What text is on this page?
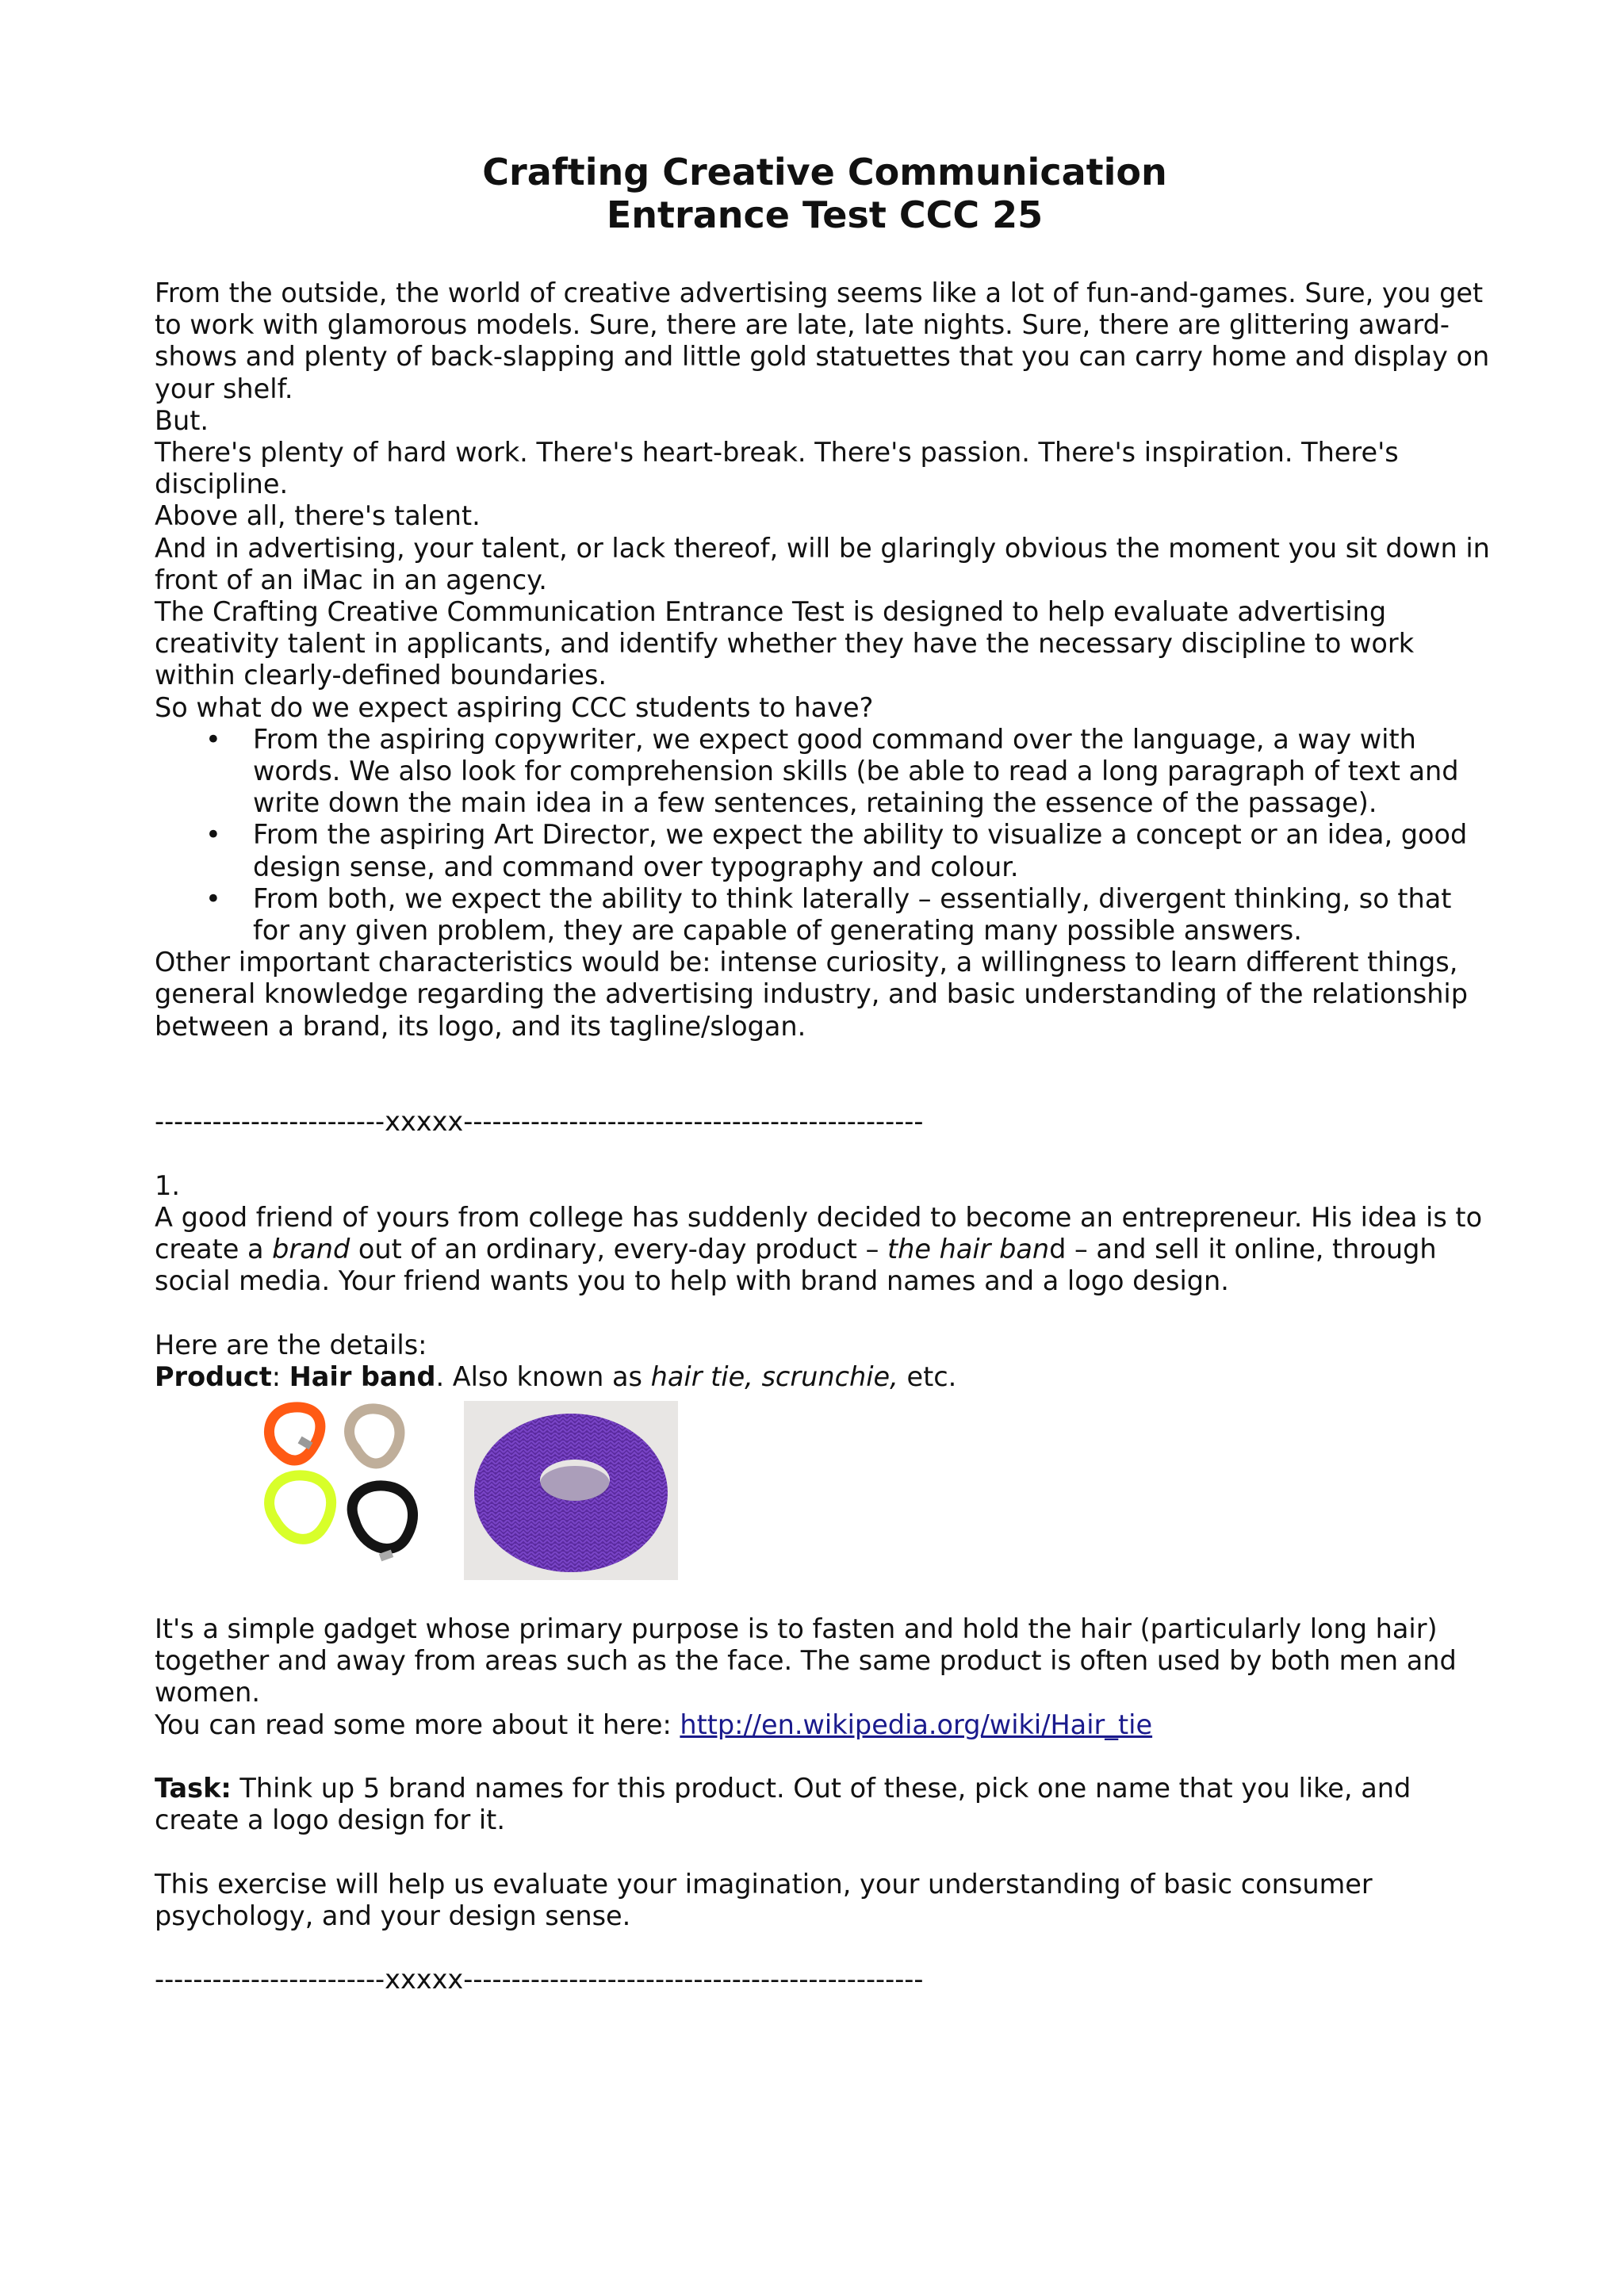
Crafting Creative Communication
Entrance Test CCC 25

From the outside, the world of creative advertising seems like a lot of fun-and-games. Sure, you get to work with glamorous models. Sure, there are late, late nights. Sure, there are glittering award-shows and plenty of back-slapping and little gold statuettes that you can carry home and display on your shelf.

But.

There's plenty of hard work. There's heart-break. There's passion. There's inspiration. There's discipline.

Above all, there's talent.

And in advertising, your talent, or lack thereof, will be glaringly obvious the moment you sit down in front of an iMac in an agency.

The Crafting Creative Communication Entrance Test is designed to help evaluate advertising creativity talent in applicants, and identify whether they have the necessary discipline to work within clearly-defined boundaries.

So what do we expect aspiring CCC students to have?

• From the aspiring copywriter, we expect good command over the language, a way with words. We also look for comprehension skills (be able to read a long paragraph of text and write down the main idea in a few sentences, retaining the essence of the passage).
• From the aspiring Art Director, we expect the ability to visualize a concept or an idea, good design sense, and command over typography and colour.
• From both, we expect the ability to think laterally – essentially, divergent thinking, so that for any given problem, they are capable of generating many possible answers.

Other important characteristics would be: intense curiosity, a willingness to learn different things, general knowledge regarding the advertising industry, and basic understanding of the relationship between a brand, its logo, and its tagline/slogan.

------------------------xxxxx------------------------------------------------

1.

A good friend of yours from college has suddenly decided to become an entrepreneur. His idea is to create a brand out of an ordinary, every-day product – the hair band – and sell it online, through social media. Your friend wants you to help with brand names and a logo design.

Here are the details:

Product: Hair band. Also known as hair tie, scrunchie, etc.

It's a simple gadget whose primary purpose is to fasten and hold the hair (particularly long hair) together and away from areas such as the face. The same product is often used by both men and women.

You can read some more about it here: http://en.wikipedia.org/wiki/Hair_tie

Task: Think up 5 brand names for this product. Out of these, pick one name that you like, and create a logo design for it.

This exercise will help us evaluate your imagination, your understanding of basic consumer psychology, and your design sense.

------------------------xxxxx------------------------------------------------
